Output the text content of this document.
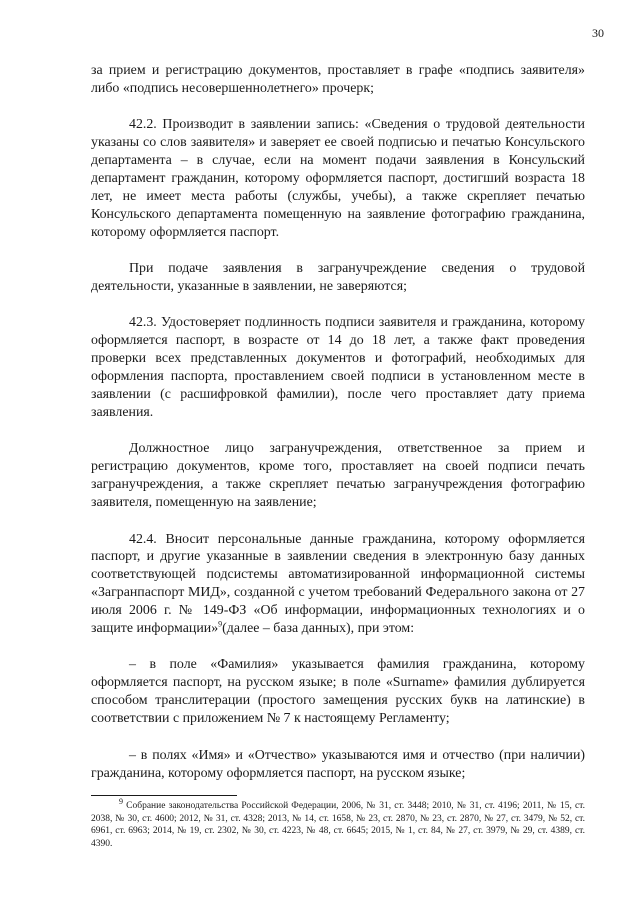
30

за прием и регистрацию документов, проставляет в графе «подпись заявителя» либо «подпись несовершеннолетнего» прочерк;

42.2. Производит в заявлении запись: «Сведения о трудовой деятельности указаны со слов заявителя» и заверяет ее своей подписью и печатью Консульского департамента – в случае, если на момент подачи заявления в Консульский департамент гражданин, которому оформляется паспорт, достигший возраста 18 лет, не имеет места работы (службы, учебы), а также скрепляет печатью Консульского департамента помещенную на заявление фотографию гражданина, которому оформляется паспорт.

При подаче заявления в загранучреждение сведения о трудовой деятельности, указанные в заявлении, не заверяются;

42.3. Удостоверяет подлинность подписи заявителя и гражданина, которому оформляется паспорт, в возрасте от 14 до 18 лет, а также факт проведения проверки всех представленных документов и фотографий, необходимых для оформления паспорта, проставлением своей подписи в установленном месте в заявлении (с расшифровкой фамилии), после чего проставляет дату приема заявления.

Должностное лицо загранучреждения, ответственное за прием и регистрацию документов, кроме того, проставляет на своей подписи печать загранучреждения, а также скрепляет печатью загранучреждения фотографию заявителя, помещенную на заявление;

42.4. Вносит персональные данные гражданина, которому оформляется паспорт, и другие указанные в заявлении сведения в электронную базу данных соответствующей подсистемы автоматизированной информационной системы «Загранпаспорт МИД», созданной с учетом требований Федерального закона от 27 июля 2006 г. № 149-ФЗ «Об информации, информационных технологиях и о защите информации»$^9$(далее – база данных), при этом:

– в поле «Фамилия» указывается фамилия гражданина, которому оформляется паспорт, на русском языке; в поле «Surname» фамилия дублируется способом транслитерации (простого замещения русских букв на латинские) в соответствии с приложением № 7 к настоящему Регламенту;

– в полях «Имя» и «Отчество» указываются имя и отчество (при наличии) гражданина, которому оформляется паспорт, на русском языке;

$^9$ Собрание законодательства Российской Федерации, 2006, № 31, ст. 3448; 2010, № 31, ст. 4196; 2011, № 15, ст. 2038, № 30, ст. 4600; 2012, № 31, ст. 4328; 2013, № 14, ст. 1658, № 23, ст. 2870, № 23, ст. 2870, № 27, ст. 3479, № 52, ст. 6961, ст. 6963; 2014, № 19, ст. 2302, № 30, ст. 4223, № 48, ст. 6645; 2015, № 1, ст. 84, № 27, ст. 3979, № 29, ст. 4389, ст. 4390.
